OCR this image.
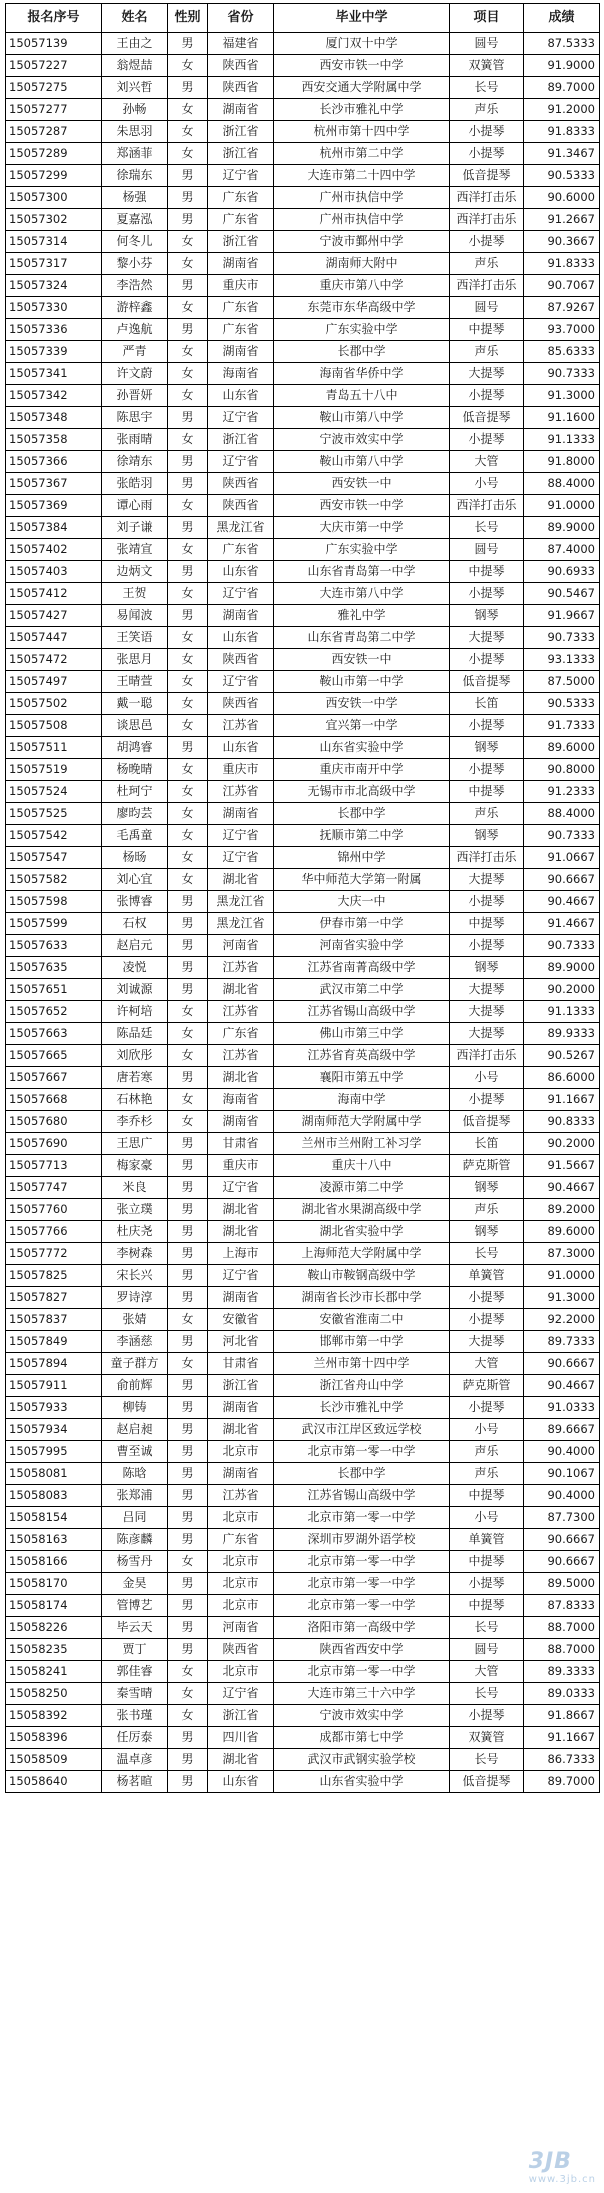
报名序号	姓名	性别	省份	毕业中学	项目	成绩
15057139	王由之	男	福建省	厦门双十中学	圆号	87.5333
15057227	翁煜喆	女	陕西省	西安市铁一中学	双簧管	91.9000
15057275	刘兴哲	男	陕西省	西安交通大学附属中学	长号	89.7000
15057277	孙畅	女	湖南省	长沙市雅礼中学	声乐	91.2000
15057287	朱思羽	女	浙江省	杭州市第十四中学	小提琴	91.8333
15057289	郑涵菲	女	浙江省	杭州市第二中学	小提琴	91.3467
15057299	徐瑞东	男	辽宁省	大连市第二十四中学	低音提琴	90.5333
15057300	杨强	男	广东省	广州市执信中学	西洋打击乐	90.6000
15057302	夏嘉泓	男	广东省	广州市执信中学	西洋打击乐	91.2667
15057314	何冬儿	女	浙江省	宁波市鄞州中学	小提琴	90.3667
15057317	黎小芬	女	湖南省	湖南师大附中	声乐	91.8333
15057324	李浩然	男	重庆市	重庆市第八中学	西洋打击乐	90.7067
15057330	游梓鑫	女	广东省	东莞市东华高级中学	圆号	87.9267
15057336	卢逸航	男	广东省	广东实验中学	中提琴	93.7000
15057339	严青	女	湖南省	长郡中学	声乐	85.6333
15057341	许文蔚	女	海南省	海南省华侨中学	大提琴	90.7333
15057342	孙晋妍	女	山东省	青岛五十八中	小提琴	91.3000
15057348	陈思宇	男	辽宁省	鞍山市第八中学	低音提琴	91.1600
15057358	张雨晴	女	浙江省	宁波市效实中学	小提琴	91.1333
15057366	徐靖东	男	辽宁省	鞍山市第八中学	大管	91.8000
15057367	张皓羽	男	陕西省	西安铁一中	小号	88.4000
15057369	谭心雨	女	陕西省	西安市铁一中学	西洋打击乐	91.0000
15057384	刘子谦	男	黑龙江省	大庆市第一中学	长号	89.9000
15057402	张靖宣	女	广东省	广东实验中学	圆号	87.4000
15057403	边炳文	男	山东省	山东省青岛第一中学	中提琴	90.6933
15057412	王贺	女	辽宁省	大连市第八中学	小提琴	90.5467
15057427	易闻波	男	湖南省	雅礼中学	钢琴	91.9667
15057447	王笑语	女	山东省	山东省青岛第二中学	大提琴	90.7333
15057472	张思月	女	陕西省	西安铁一中	小提琴	93.1333
15057497	王晴萱	女	辽宁省	鞍山市第一中学	低音提琴	87.5000
15057502	戴一聪	女	陕西省	西安铁一中学	长笛	90.5333
15057508	谈思邑	女	江苏省	宜兴第一中学	小提琴	91.7333
15057511	胡鸿睿	男	山东省	山东省实验中学	钢琴	89.6000
15057519	杨晚晴	女	重庆市	重庆市南开中学	小提琴	90.8000
15057524	杜珂宁	女	江苏省	无锡市市北高级中学	中提琴	91.2333
15057525	廖昀芸	女	湖南省	长郡中学	声乐	88.4000
15057542	毛禹童	女	辽宁省	抚顺市第二中学	钢琴	90.7333
15057547	杨旸	女	辽宁省	锦州中学	西洋打击乐	91.0667
15057582	刘心宜	女	湖北省	华中师范大学第一附属	大提琴	90.6667
15057598	张博睿	男	黑龙江省	大庆一中	小提琴	90.4667
15057599	石权	男	黑龙江省	伊春市第一中学	中提琴	91.4667
15057633	赵启元	男	河南省	河南省实验中学	小提琴	90.7333
15057635	凌悦	男	江苏省	江苏省南菁高级中学	钢琴	89.9000
15057651	刘诚源	男	湖北省	武汉市第二中学	大提琴	90.2000
15057652	许柯培	女	江苏省	江苏省锡山高级中学	大提琴	91.1333
15057663	陈品廷	女	广东省	佛山市第三中学	大提琴	89.9333
15057665	刘欣彤	女	江苏省	江苏省育英高级中学	西洋打击乐	90.5267
15057667	唐若寒	男	湖北省	襄阳市第五中学	小号	86.6000
15057668	石林艳	女	海南省	海南中学	小提琴	91.1667
15057680	李乔杉	女	湖南省	湖南师范大学附属中学	低音提琴	90.8333
15057690	王思广	男	甘肃省	兰州市兰州附工补习学	长笛	90.2000
15057713	梅家豪	男	重庆市	重庆十八中	萨克斯管	91.5667
15057747	米良	男	辽宁省	凌源市第二中学	钢琴	90.4667
15057760	张立璞	男	湖北省	湖北省水果湖高级中学	声乐	89.2000
15057766	杜庆尧	男	湖北省	湖北省实验中学	钢琴	89.6000
15057772	李树森	男	上海市	上海师范大学附属中学	长号	87.3000
15057825	宋长兴	男	辽宁省	鞍山市鞍钢高级中学	单簧管	91.0000
15057827	罗诗淳	男	湖南省	湖南省长沙市长郡中学	小提琴	91.3000
15057837	张婧	女	安徽省	安徽省淮南二中	小提琴	92.2000
15057849	李涵慈	男	河北省	邯郸市第一中学	大提琴	89.7333
15057894	童子群方	女	甘肃省	兰州市第十四中学	大管	90.6667
15057911	俞前辉	男	浙江省	浙江省舟山中学	萨克斯管	90.4667
15057933	柳铸	男	湖南省	长沙市雅礼中学	小提琴	91.0333
15057934	赵启昶	男	湖北省	武汉市江岸区致远学校	小号	89.6667
15057995	曹至诚	男	北京市	北京市第一零一中学	声乐	90.4000
15058081	陈晗	男	湖南省	长郡中学	声乐	90.1067
15058083	张郑浦	男	江苏省	江苏省锡山高级中学	中提琴	90.4000
15058154	吕同	男	北京市	北京市第一零一中学	小号	87.7300
15058163	陈彦麟	男	广东省	深圳市罗湖外语学校	单簧管	90.6667
15058166	杨雪丹	女	北京市	北京市第一零一中学	中提琴	90.6667
15058170	金昊	男	北京市	北京市第一零一中学	小提琴	89.5000
15058174	管博艺	男	北京市	北京市第一零一中学	中提琴	87.8333
15058226	毕云天	男	河南省	洛阳市第一高级中学	长号	88.7000
15058235	贾丁	男	陕西省	陕西省西安中学	圆号	88.7000
15058241	郭佳睿	女	北京市	北京市第一零一中学	大管	89.3333
15058250	秦雪晴	女	辽宁省	大连市第三十六中学	长号	89.0333
15058392	张书瑾	女	浙江省	宁波市效实中学	小提琴	91.8667
15058396	任厉泰	男	四川省	成都市第七中学	双簧管	91.1667
15058509	温卓彦	男	湖北省	武汉市武钢实验学校	长号	86.7333
15058640	杨茗暄	男	山东省	山东省实验中学	低音提琴	89.7000
3JB
www.3jb.cn
